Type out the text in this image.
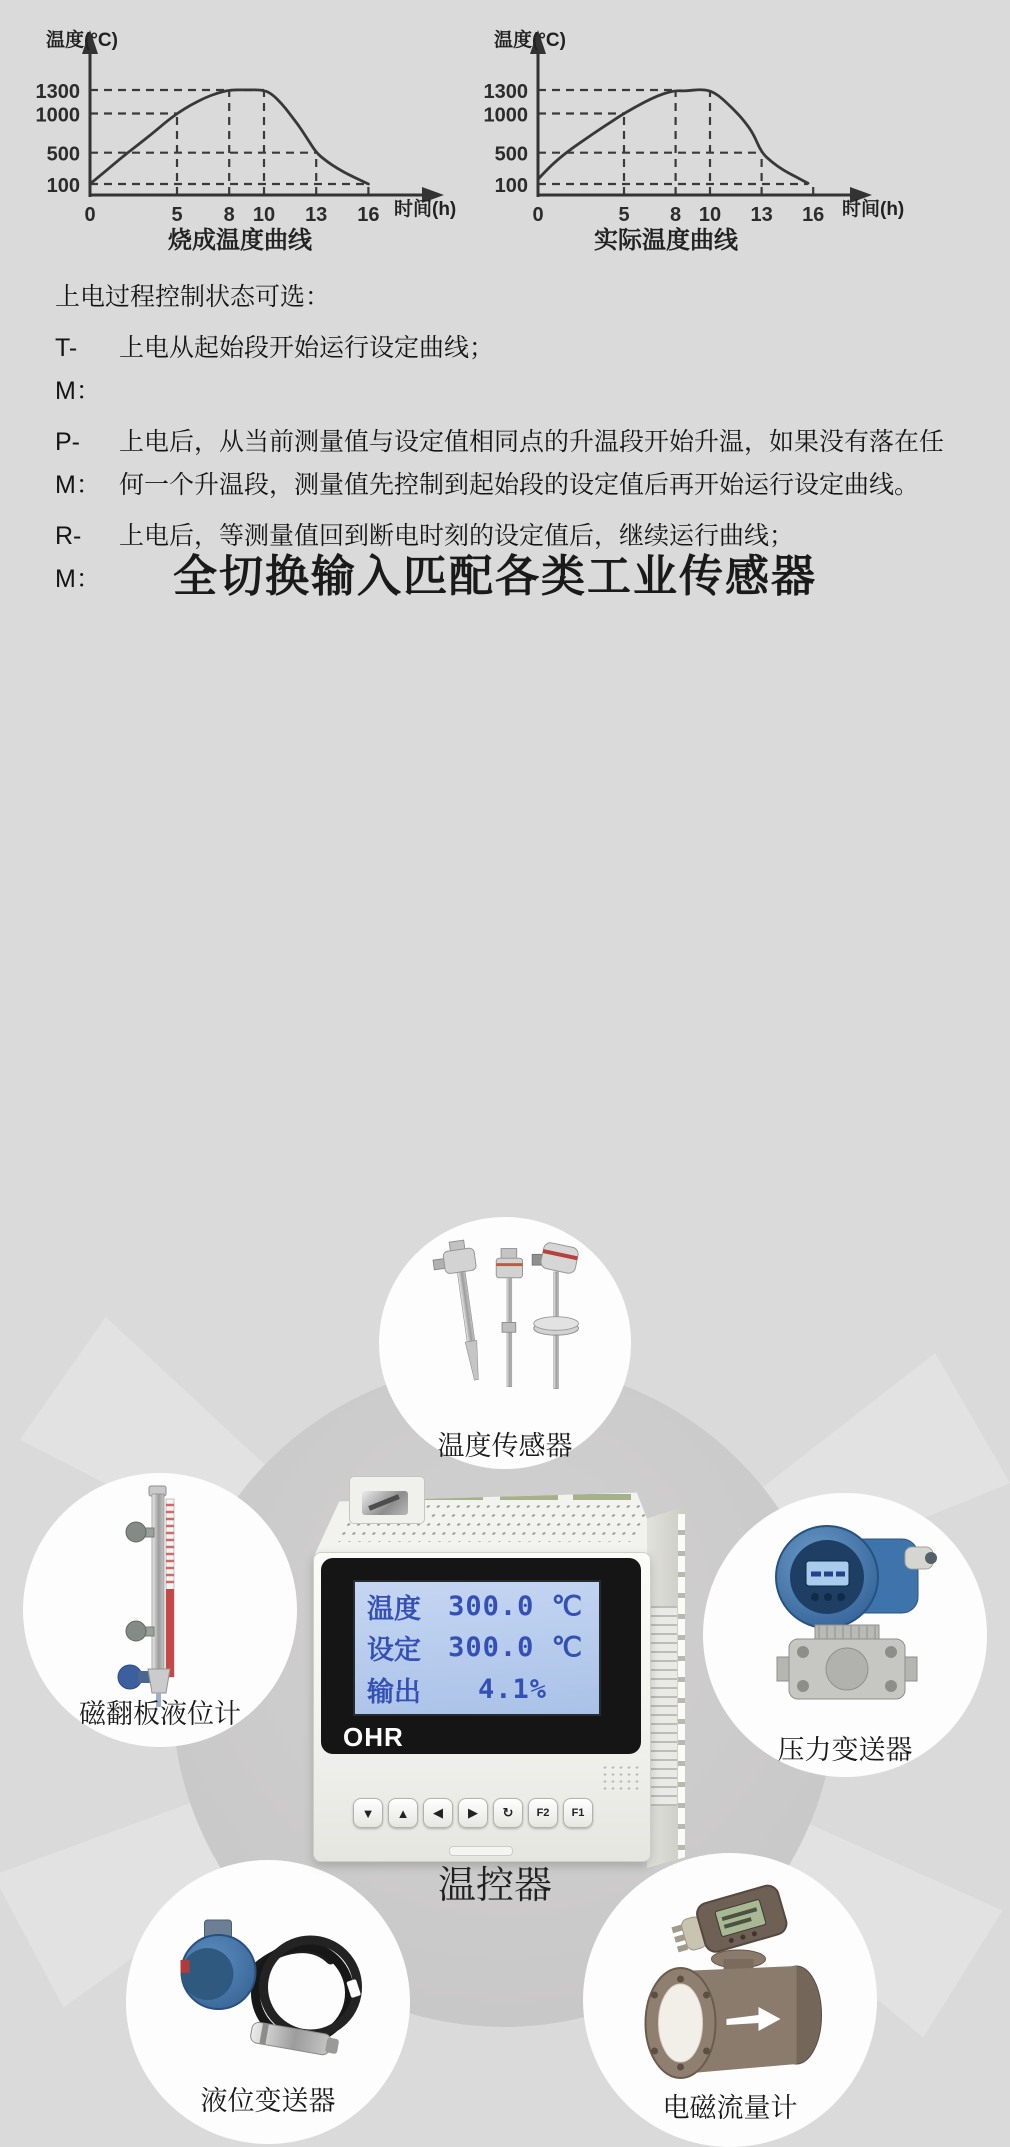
1300
1000
500
100
0	5 8 10 13 16
温度(°C)
时间(h)
烧成温度曲线
1300
1000
500
100
0	5 8 10 13 16
温度(°C)
时间(h)
实际温度曲线

上电过程控制状态可选：

T-M：
上电从起始段开始运行设定曲线；

P-M：
上电后，从当前测量值与设定值相同点的升温段开始升温，如果没有落在任何一个升温段，测量值先控制到起始段的设定值后再开始运行设定曲线。

R-M：
上电后，等测量值回到断电时刻的设定值后，继续运行曲线；

全切换输入匹配各类工业传感器
温度传感器
磁翻板液位计
压力变送器
液位变送器	电磁流量计
温度 300.0 ℃
设定 300.0 ℃
输出 4.1%
OHR
▼	▲	◀	▶	↻	F2	F1
温控器
